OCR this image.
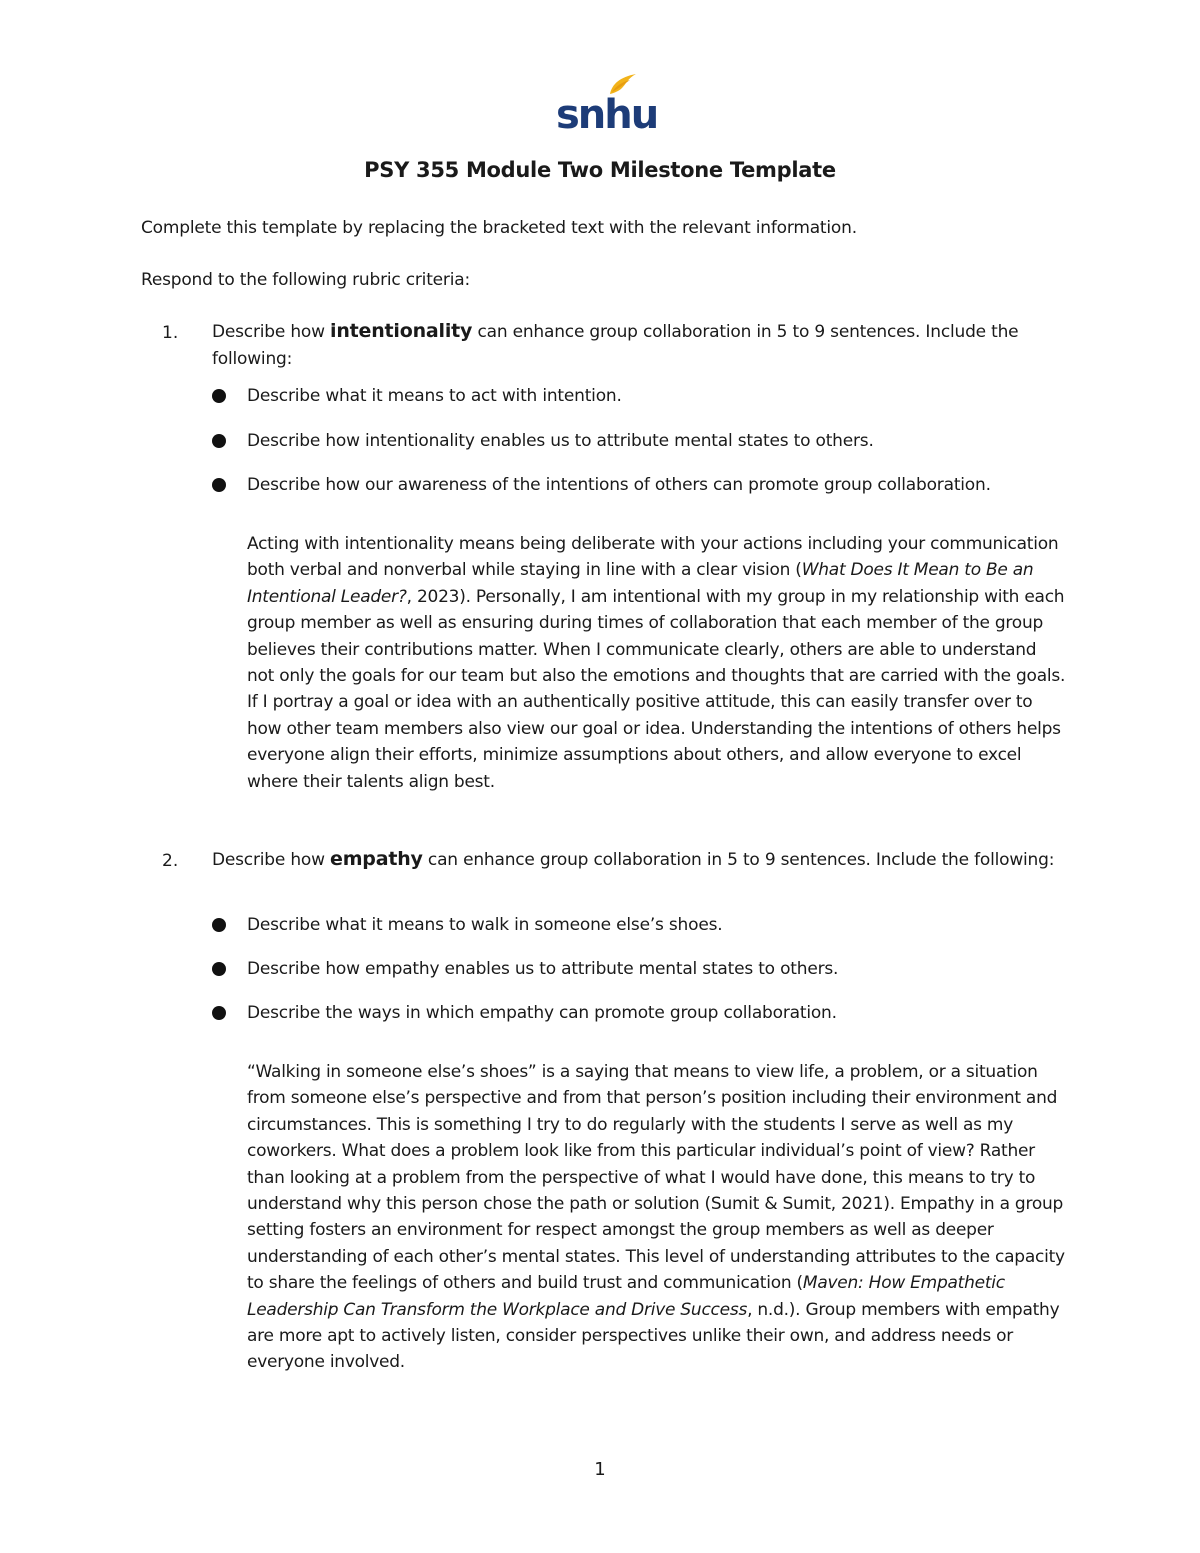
snhu
PSY 355 Module Two Milestone Template
Complete this template by replacing the bracketed text with the relevant information.
Respond to the following rubric criteria:
1. Describe how intentionality can enhance group collaboration in 5 to 9 sentences. Include the following:
Describe what it means to act with intention.
Describe how intentionality enables us to attribute mental states to others.
Describe how our awareness of the intentions of others can promote group collaboration.
Acting with intentionality means being deliberate with your actions including your communication both verbal and nonverbal while staying in line with a clear vision (What Does It Mean to Be an Intentional Leader?, 2023). Personally, I am intentional with my group in my relationship with each group member as well as ensuring during times of collaboration that each member of the group believes their contributions matter. When I communicate clearly, others are able to understand not only the goals for our team but also the emotions and thoughts that are carried with the goals. If I portray a goal or idea with an authentically positive attitude, this can easily transfer over to how other team members also view our goal or idea. Understanding the intentions of others helps everyone align their efforts, minimize assumptions about others, and allow everyone to excel where their talents align best.
2. Describe how empathy can enhance group collaboration in 5 to 9 sentences. Include the following:
Describe what it means to walk in someone else’s shoes.
Describe how empathy enables us to attribute mental states to others.
Describe the ways in which empathy can promote group collaboration.
“Walking in someone else’s shoes” is a saying that means to view life, a problem, or a situation from someone else’s perspective and from that person’s position including their environment and circumstances. This is something I try to do regularly with the students I serve as well as my coworkers. What does a problem look like from this particular individual’s point of view? Rather than looking at a problem from the perspective of what I would have done, this means to try to understand why this person chose the path or solution (Sumit & Sumit, 2021). Empathy in a group setting fosters an environment for respect amongst the group members as well as deeper understanding of each other’s mental states. This level of understanding attributes to the capacity to share the feelings of others and build trust and communication (Maven: How Empathetic Leadership Can Transform the Workplace and Drive Success, n.d.). Group members with empathy are more apt to actively listen, consider perspectives unlike their own, and address needs or everyone involved.
1
